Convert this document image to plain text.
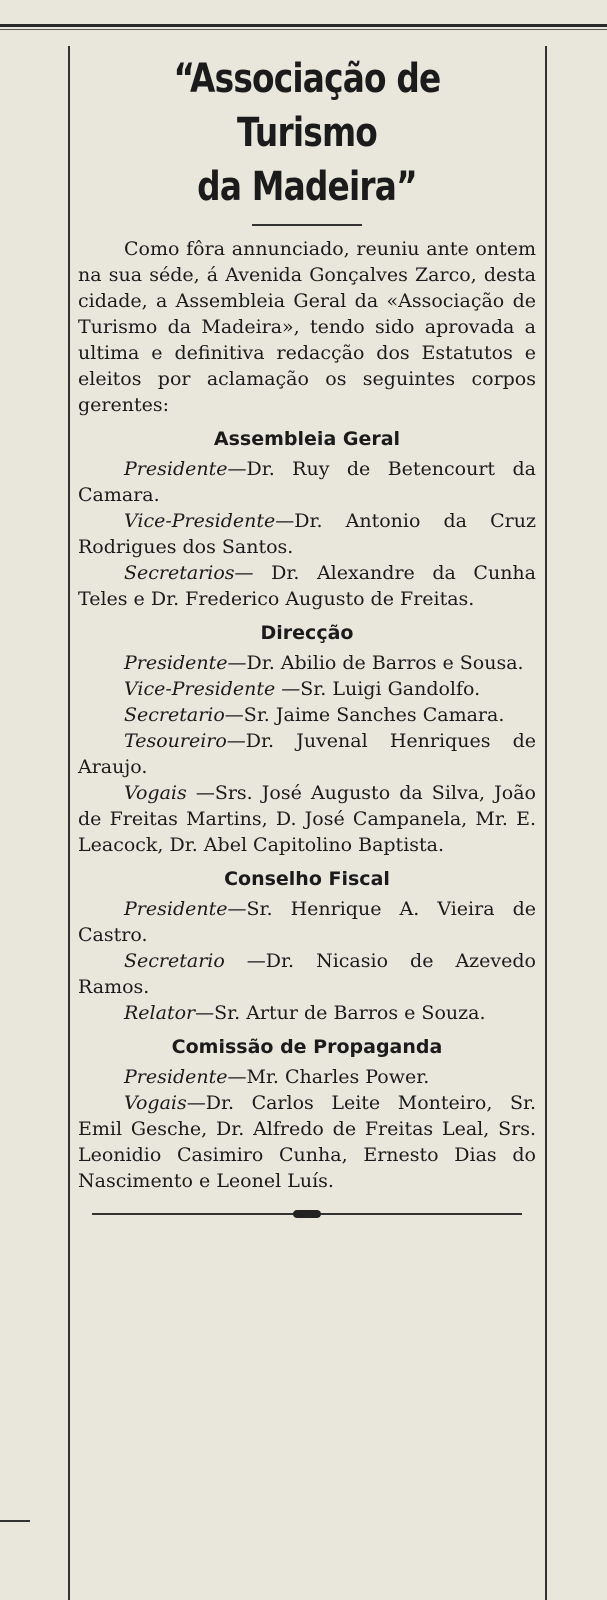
“Associação de Turismo
da Madeira”

Como fôra annunciado, reuniu ante ontem na sua séde, á Avenida Gonçalves Zarco, desta cidade, a Assembleia Geral da «Associação de Turismo da Madeira», tendo sido aprovada a ultima e definitiva redacção dos Estatutos e eleitos por aclamação os seguintes corpos gerentes:

Assembleia Geral

Presidente—Dr. Ruy de Betencourt da Camara.

Vice-Presidente—Dr. Antonio da Cruz Rodrigues dos Santos.

Secretarios— Dr. Alexandre da Cunha Teles e Dr. Frederico Augusto de Freitas.

Direcção

Presidente—Dr. Abilio de Barros e Sousa.

Vice-Presidente —Sr. Luigi Gandolfo.

Secretario—Sr. Jaime Sanches Camara.

Tesoureiro—Dr. Juvenal Henriques de Araujo.

Vogais —Srs. José Augusto da Silva, João de Freitas Martins, D. José Campanela, Mr. E. Leacock, Dr. Abel Capitolino Baptista.

Conselho Fiscal

Presidente—Sr. Henrique A. Vieira de Castro.

Secretario —Dr. Nicasio de Azevedo Ramos.

Relator—Sr. Artur de Barros e Souza.

Comissão de Propaganda

Presidente—Mr. Charles Power.

Vogais—Dr. Carlos Leite Monteiro, Sr. Emil Gesche, Dr. Alfredo de Freitas Leal, Srs. Leonidio Casimiro Cunha, Ernesto Dias do Nascimento e Leonel Luís.
